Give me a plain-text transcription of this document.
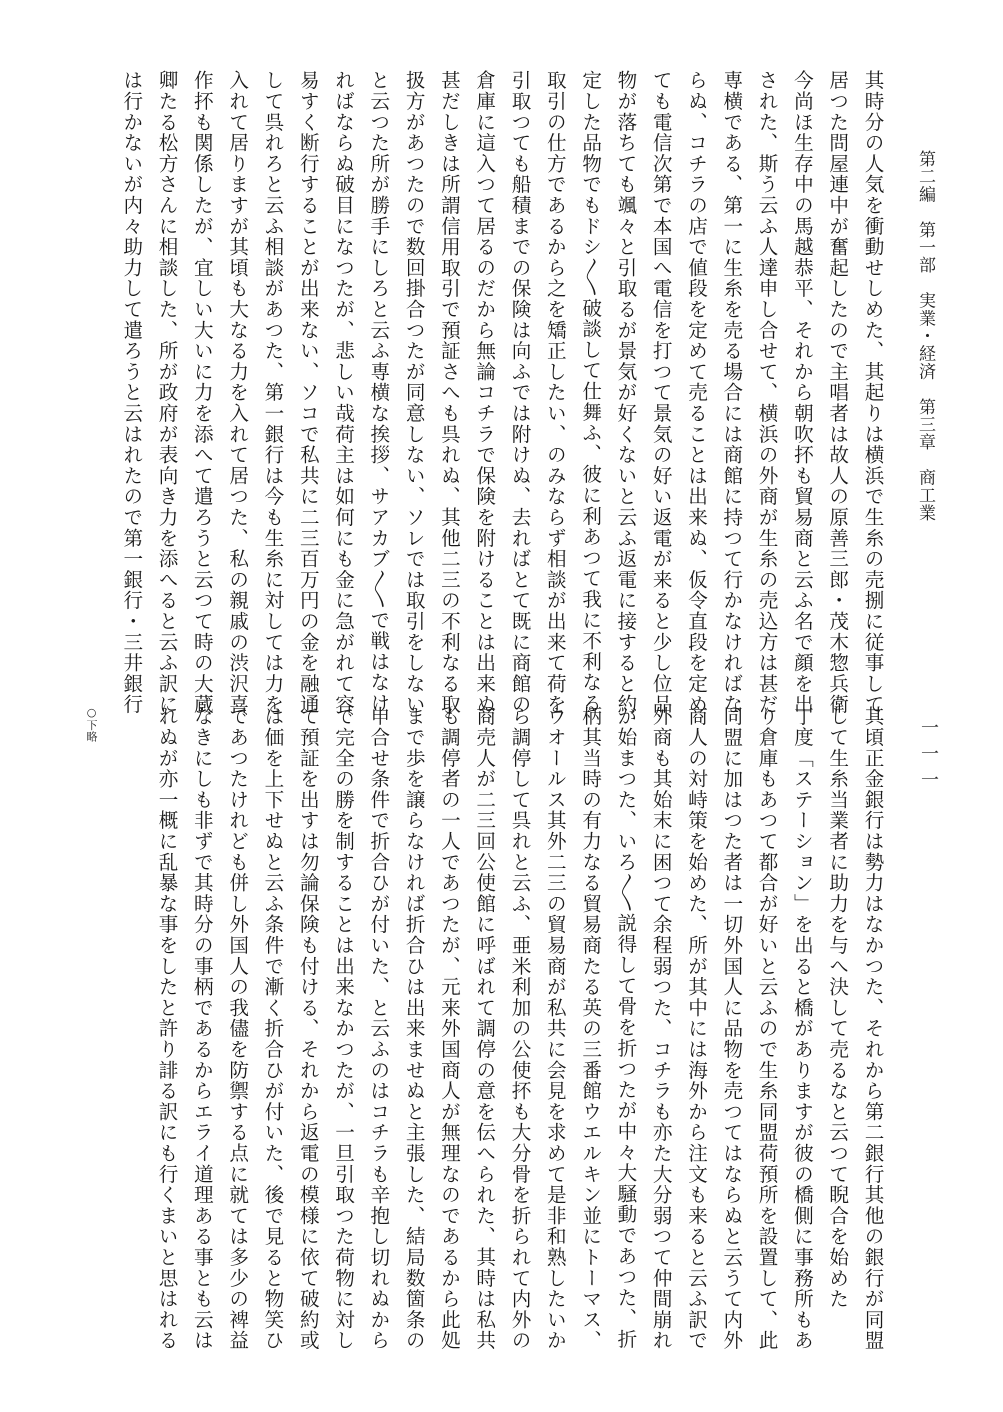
第二編　第一部　実業・経済　第三章　商工業
一一一
其時分の人気を衝動せしめた、其起りは横浜で生糸の売捌に従事して
居つた問屋連中が奮起したので主唱者は故人の原善三郎・茂木惣兵衛
今尚ほ生存中の馬越恭平、それから朝吹抔も貿易商と云ふ名で顔を出
された、斯う云ふ人達申し合せて、横浜の外商が生糸の売込方は甚だ
専横である、第一に生糸を売る場合には商館に持つて行かなければな
らぬ、コチラの店で値段を定めて売ることは出来ぬ、仮令直段を定め
ても電信次第で本国へ電信を打つて景気の好い返電が来ると少し位品
物が落ちても颯々と引取るが景気が好くないと云ふ返電に接すると約
定した品物でもドシ〳〵破談して仕舞ふ、彼に利あつて我に不利なる
取引の仕方であるから之を矯正したい、のみならず相談が出来て荷を
引取つても船積までの保険は向ふでは附けぬ、去ればとて既に商館の
倉庫に這入つて居るのだから無論コチラで保険を附けることは出来ぬ
甚だしきは所謂信用取引で預証さへも呉れぬ、其他二三の不利なる取
扱方があつたので数回掛合つたが同意しない、ソレでは取引をしない
と云つた所が勝手にしろと云ふ専横な挨拶、サアカブ〳〵で戦はなけ
ればならぬ破目になつたが、悲しい哉荷主は如何にも金に急がれて容
易すく断行することが出来ない、ソコで私共に二三百万円の金を融通
して呉れろと云ふ相談があつた、第一銀行は今も生糸に対しては力を
入れて居りますが其頃も大なる力を入れて居つた、私の親戚の渋沢喜
作抔も関係したが、宜しい大いに力を添へて遣ろうと云つて時の大蔵
卿たる松方さんに相談した、所が政府が表向き力を添へると云ふ訳に
は行かないが内々助力して遣ろうと云はれたので第一銀行・三井銀行
其頃正金銀行は勢力はなかつた、それから第二銀行其他の銀行が同盟
して生糸当業者に助力を与へ決して売るなと云つて睨合を始めた
丁度「ステーション」を出ると橋がありますが彼の橋側に事務所もあ
り倉庫もあつて都合が好いと云ふので生糸同盟荷預所を設置して、此
同盟に加はつた者は一切外国人に品物を売つてはならぬと云うて内外
商人の対峙策を始めた、所が其中には海外から注文も来ると云ふ訳で
外商も其始末に困つて余程弱つた、コチラも亦た大分弱つて仲間崩れ
が始まつた、いろ〳〵説得して骨を折つたが中々大騒動であつた、折
柄其当時の有力なる貿易商たる英の三番館ウエルキン並にトーマス、
ウオールス其外二三の貿易商が私共に会見を求めて是非和熟したいか
ら調停して呉れと云ふ、亜米利加の公使抔も大分骨を折られて内外の
商売人が二三回公使館に呼ばれて調停の意を伝へられた、其時は私共
も調停者の一人であつたが、元来外国商人が無理なのであるから此処
まで歩を譲らなければ折合ひは出来ませぬと主張した、結局数箇条の
申合せ条件で折合ひが付いた、と云ふのはコチラも辛抱し切れぬから
で完全の勝を制することは出来なかつたが、一旦引取つた荷物に対し
て預証を出すは勿論保険も付ける、それから返電の模様に依て破約或
は価を上下せぬと云ふ条件で漸く折合ひが付いた、後で見ると物笑ひ
であつたけれども併し外国人の我儘を防禦する点に就ては多少の裨益
なきにしも非ずで其時分の事柄であるからエライ道理ある事とも云は
れぬが亦一概に乱暴な事をしたと許り誹る訳にも行くまいと思はれる
○下略
